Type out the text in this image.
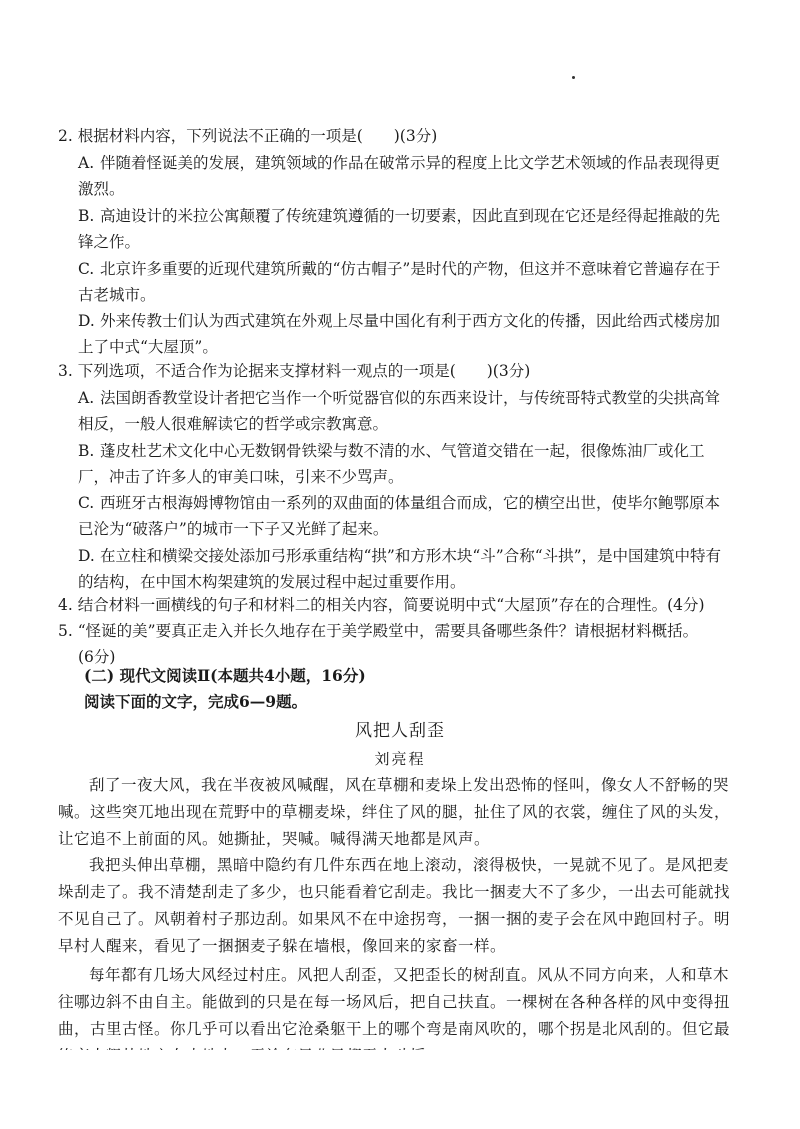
2. 根据材料内容，下列说法不正确的一项是(　　)(3分)
A. 伴随着怪诞美的发展，建筑领域的作品在破常示异的程度上比文学艺术领域的作品表现得更激烈。
B. 高迪设计的米拉公寓颠覆了传统建筑遵循的一切要素，因此直到现在它还是经得起推敲的先锋之作。
C. 北京许多重要的近现代建筑所戴的“仿古帽子”是时代的产物，但这并不意味着它普遍存在于古老城市。
D. 外来传教士们认为西式建筑在外观上尽量中国化有利于西方文化的传播，因此给西式楼房加上了中式“大屋顶”。
3. 下列选项，不适合作为论据来支撑材料一观点的一项是(　　)(3分)
A. 法国朗香教堂设计者把它当作一个听觉器官似的东西来设计，与传统哥特式教堂的尖拱高耸相反，一般人很难解读它的哲学或宗教寓意。
B. 蓬皮杜艺术文化中心无数钢骨铁梁与数不清的水、气管道交错在一起，很像炼油厂或化工厂，冲击了许多人的审美口味，引来不少骂声。
C. 西班牙古根海姆博物馆由一系列的双曲面的体量组合而成，它的横空出世，使毕尔鲍鄂原本已沦为“破落户”的城市一下子又光鲜了起来。
D. 在立柱和横梁交接处添加弓形承重结构“拱”和方形木块“斗”合称“斗拱”，是中国建筑中特有的结构，在中国木构架建筑的发展过程中起过重要作用。
4. 结合材料一画横线的句子和材料二的相关内容，简要说明中式“大屋顶”存在的合理性。(4分)
5. “怪诞的美”要真正走入并长久地存在于美学殿堂中，需要具备哪些条件？请根据材料概括。
(6分)
(二) 现代文阅读Ⅱ(本题共4小题，16分)
阅读下面的文字，完成6—9题。
风把人刮歪
刘亮程
刮了一夜大风，我在半夜被风喊醒，风在草棚和麦垛上发出恐怖的怪叫，像女人不舒畅的哭喊。这些突兀地出现在荒野中的草棚麦垛，绊住了风的腿，扯住了风的衣裳，缠住了风的头发，让它追不上前面的风。她撕扯，哭喊。喊得满天地都是风声。
我把头伸出草棚，黑暗中隐约有几件东西在地上滚动，滚得极快，一晃就不见了。是风把麦垛刮走了。我不清楚刮走了多少，也只能看着它刮走。我比一捆麦大不了多少，一出去可能就找不见自己了。风朝着村子那边刮。如果风不在中途拐弯，一捆一捆的麦子会在风中跑回村子。明早村人醒来，看见了一捆捆麦子躲在墙根，像回来的家畜一样。
每年都有几场大风经过村庄。风把人刮歪，又把歪长的树刮直。风从不同方向来，人和草木往哪边斜不由自主。能做到的只是在每一场风后，把自己扶直。一棵树在各种各样的风中变得扭曲，古里古怪。你几乎可以看出它沧桑躯干上的哪个弯是南风吹的，哪个拐是北风刮的。但它最
